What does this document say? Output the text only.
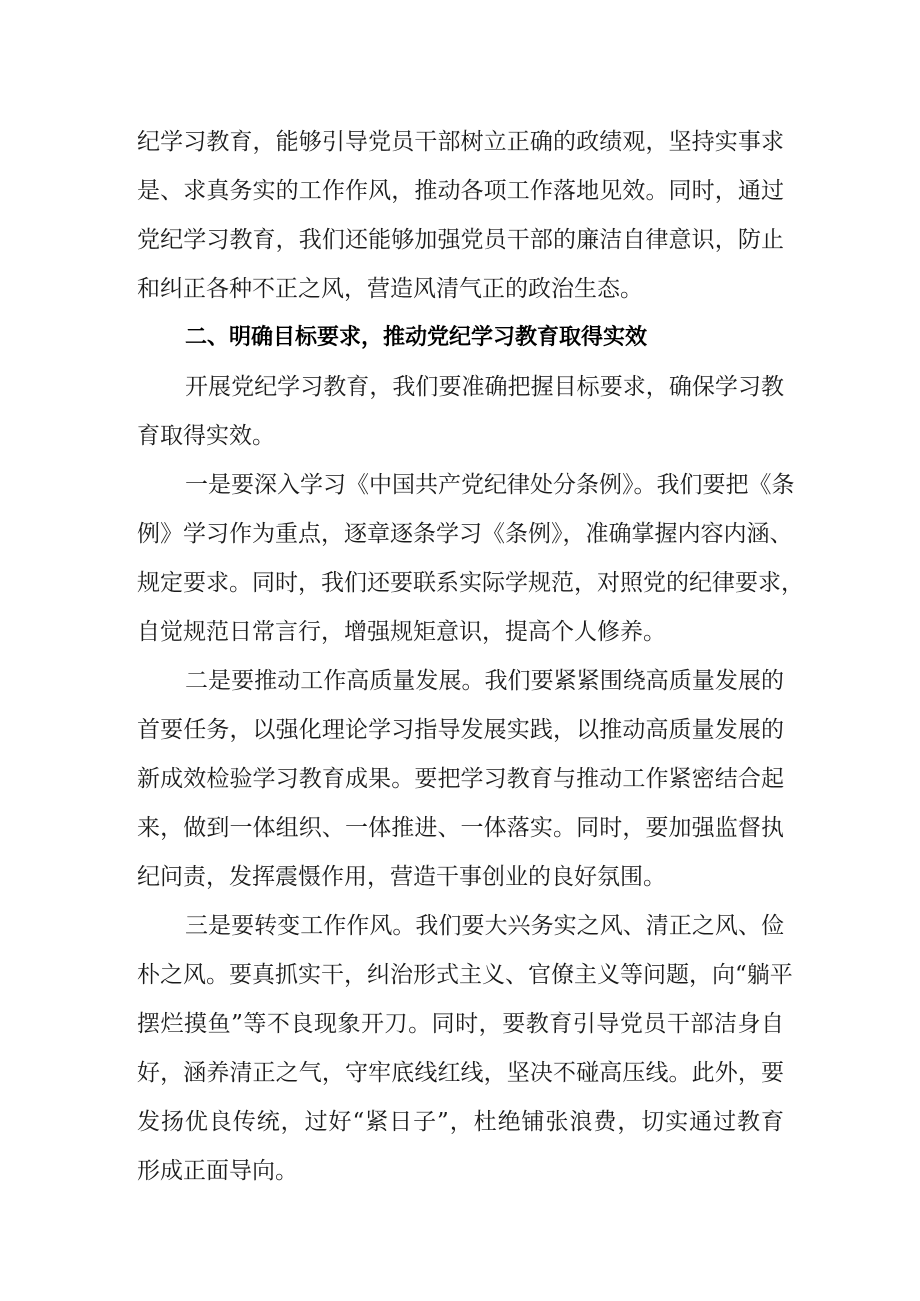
纪学习教育，能够引导党员干部树立正确的政绩观，坚持实事求
是、求真务实的工作作风，推动各项工作落地见效。同时，通过
党纪学习教育，我们还能够加强党员干部的廉洁自律意识，防止
和纠正各种不正之风，营造风清气正的政治生态。
二、明确目标要求，推动党纪学习教育取得实效
开展党纪学习教育，我们要准确把握目标要求，确保学习教
育取得实效。
一是要深入学习《中国共产党纪律处分条例》。我们要把《条
例》学习作为重点，逐章逐条学习《条例》，准确掌握内容内涵、
规定要求。同时，我们还要联系实际学规范，对照党的纪律要求，
自觉规范日常言行，增强规矩意识，提高个人修养。
二是要推动工作高质量发展。我们要紧紧围绕高质量发展的
首要任务，以强化理论学习指导发展实践，以推动高质量发展的
新成效检验学习教育成果。要把学习教育与推动工作紧密结合起
来，做到一体组织、一体推进、一体落实。同时，要加强监督执
纪问责，发挥震慑作用，营造干事创业的良好氛围。
三是要转变工作作风。我们要大兴务实之风、清正之风、俭
朴之风。要真抓实干，纠治形式主义、官僚主义等问题，向“躺平
摆烂摸鱼”等不良现象开刀。同时，要教育引导党员干部洁身自
好，涵养清正之气，守牢底线红线，坚决不碰高压线。此外，要
发扬优良传统，过好“紧日子”，杜绝铺张浪费，切实通过教育
形成正面导向。
